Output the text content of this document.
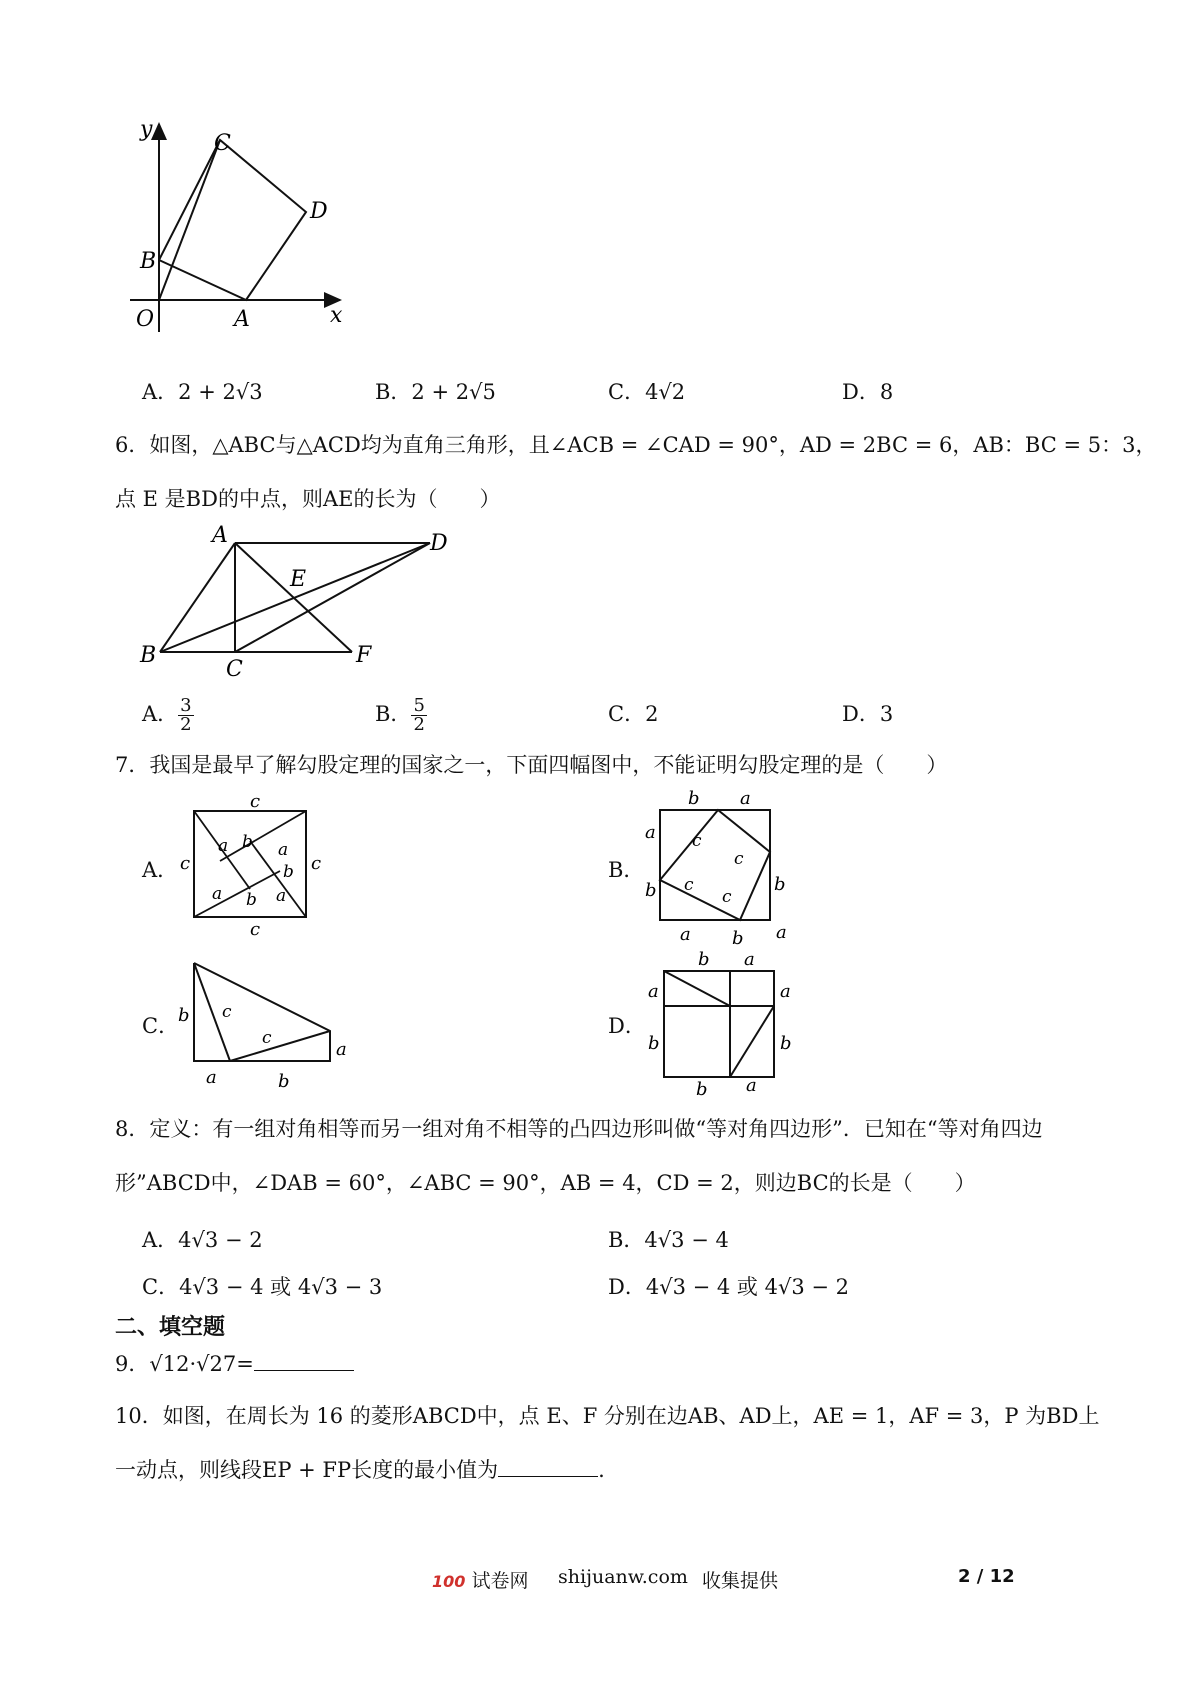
y
x
O	A
B
C
D
A．2 + 2√3	B．2 + 2√5	C．4√2	D．8
6．如图，△ABC与△ACD均为直角三角形，且∠ACB = ∠CAD = 90°，AD = 2BC = 6，AB：BC = 5：3，
点 E 是BD的中点，则AE的长为（　　）
A
B
C
D
E
F
A． $\frac{3}{2}$	B． $\frac{5}{2}$	C．2	D．3
7．我国是最早了解勾股定理的国家之一，下面四幅图中，不能证明勾股定理的是（　　）
A．
c
c	c
c
a b a
b
a b a
B．
b a
a
b
a
b
a b
c
c
c
c
C．
b c
c
a
a	b
D．
b a
a	a
b	b
b a
8．定义：有一组对角相等而另一组对角不相等的凸四边形叫做“等对角四边形”．已知在“等对角四边
形”ABCD中，∠DAB = 60°，∠ABC = 90°，AB = 4，CD = 2，则边BC的长是（　　）
A．4√3 − 2	B．4√3 − 4
C．4√3 − 4 或 4√3 − 3	D．4√3 − 4 或 4√3 − 2
二、填空题
9．√12·√27=
10．如图，在周长为 16 的菱形ABCD中，点 E、F 分别在边AB、AD上，AE = 1，AF = 3，P 为BD上
一动点，则线段EP + FP长度的最小值为	.
100 试卷网 shijuanw.com 收集提供	2 / 12
